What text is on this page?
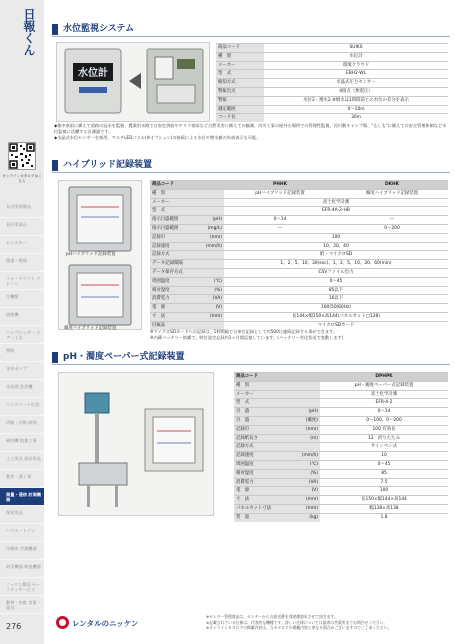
日報くん
オンラインカタログはこちら
長計所常備品
長計所高台
レンタカー
揚重・整地
フォークリフト クレーン
空機類
溶接機
コンプレッサー エアー工具
照明
水中ポンプ
水処理 洗浄機
コンクリート打設
切断・切削 研削
締固機 地業工事
土工用具 保安用品
製作・薄工事
測量・通信 計測機器
保安用品
ハウス・トイレ
冷暖房 空調機器
防災機器 検査機器
ニッケン製品 セーフティサービス
動物・害獣 食事・寝具
276
水位監視システム
水位計
商品コード	SUIKS
種　別	水位計
メーカー	環境クラウド
型　式	EBH2-WL
検知方式	水晶式圧力センサー
警報出点	4接点（無電圧）
警報	水位2・増水2 ※増水は1時間前との水位の差分を表示
測定範囲	0〜10m
コード長	30m
◆集中豪雨に備えて道路の冠水を監視、農業用水路では安定供給やゲリラ豪雨など自然災害に備えての観測、河川工事の屋外た場所での管理性監視、河川敷キャンプ場、"もしも"に備えての安全管理体制など水位監視に活躍する計測器です。
◆水晶式水位センサーを採用。マルチLEDパネル(※オプション)の接続による水位や増水値の外部表示も可能。
ハイブリッド記録装置
pHハイブリッド記録装置
濁度ハイブリッド記録装置
商品コード		PHHK	DKHK
種　別		pHハイブリッド記録装置	濁度ハイブリッド記録装置
メーカー		富士化学計測	
型　式		EFR-4A-2-HB	
指示目盛範囲	(pH)	0〜14	—
指示目盛範囲	(mg/L)	—	0〜200
記録巾	(mm)	100	
記録速度	(mm/h)	10、20、40	
記録方式		紙・マイクロSD	
データ記録間隔		1、2、5、10、30(sec)、1、2、5、10、30、60(min)	
データ保存方式		CSVファイル出力	
周囲温度	(℃)	0〜45	
相対湿度	(%)	85以下	
消費電力	(VA)	16以下	
電　源	(V)	100(50/60Hz)	
寸　法	(mm)	長144×幅150×高144(パネルカット□138)	
付属品		マイクロSDカード	
※マイクロSDカードへの記録は、1秒間隔で日単位記録として約500日連続記録する事ができます。
※内蔵バッテリー搭載で、時計設定記録約1ヶ月間記憶しています。(バッテリー劣化状況で変動します)
pH・濁度ペーパー式記録装置
商品コード		DPHPK
種　別		pH・濁度ペーパー式記録装置
メーカー		富士化学計測
型　式		EFR-4-2
目　盛	(pH)	0〜14
目　盛	(濁度)	0〜100、0〜200
記録巾	(mm)	100 有効長
記録紙長さ	(m)	12　折りたたみ
記録方式		サインペン式
記録速度	(mm/h)	10
周囲温度	(℃)	0〜45
相対湿度	(%)	85
消費電力	(VA)	7.5
電　源	(V)	100
寸　法	(mm)	長150×幅144×高144
パネルカット寸法	(mm)	幅138×高138
質　量	(kg)	1.8
レンタルのニッケン
※センター管理商品は、センターからの最送費を別途御請求させて頂きます。
※記載されている仕様は、代表的な機種です。詳しい仕様については最寄の営業所までお問合せください。
※オンラインカタログの掲載内容は、当カタログの掲載内容と異なる場合がございますのでご了承ください。
